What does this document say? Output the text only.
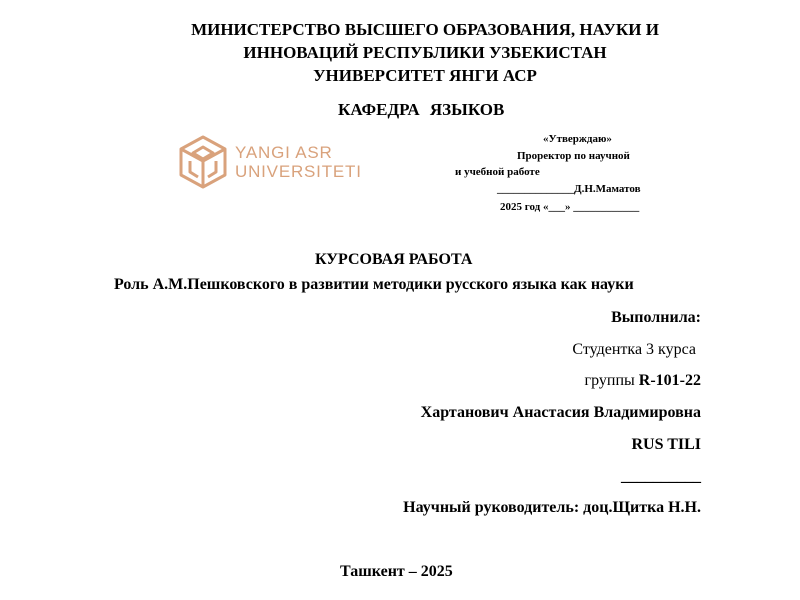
МИНИСТЕРСТВО ВЫСШЕГО ОБРАЗОВАНИЯ, НАУКИ И
ИННОВАЦИЙ РЕСПУБЛИКИ УЗБЕКИСТАН
УНИВЕРСИТЕТ ЯНГИ АСР
КАФЕДРА ЯЗЫКОВ
YANGI ASR
UNIVERSITETI
«Утверждаю»
Проректор по научной
и учебной работе
______________Д.Н.Маматов
2025 год «___» ____________
КУРСОВАЯ РАБОТА
Роль А.М.Пешковского в развитии методики русского языка как науки
Выполнила:
Студентка 3 курса
группы R-101-22
Хартанович Анастасия Владимировна
RUS TILI
__________
Научный руководитель: доц.Щитка Н.Н.
Ташкент – 2025
